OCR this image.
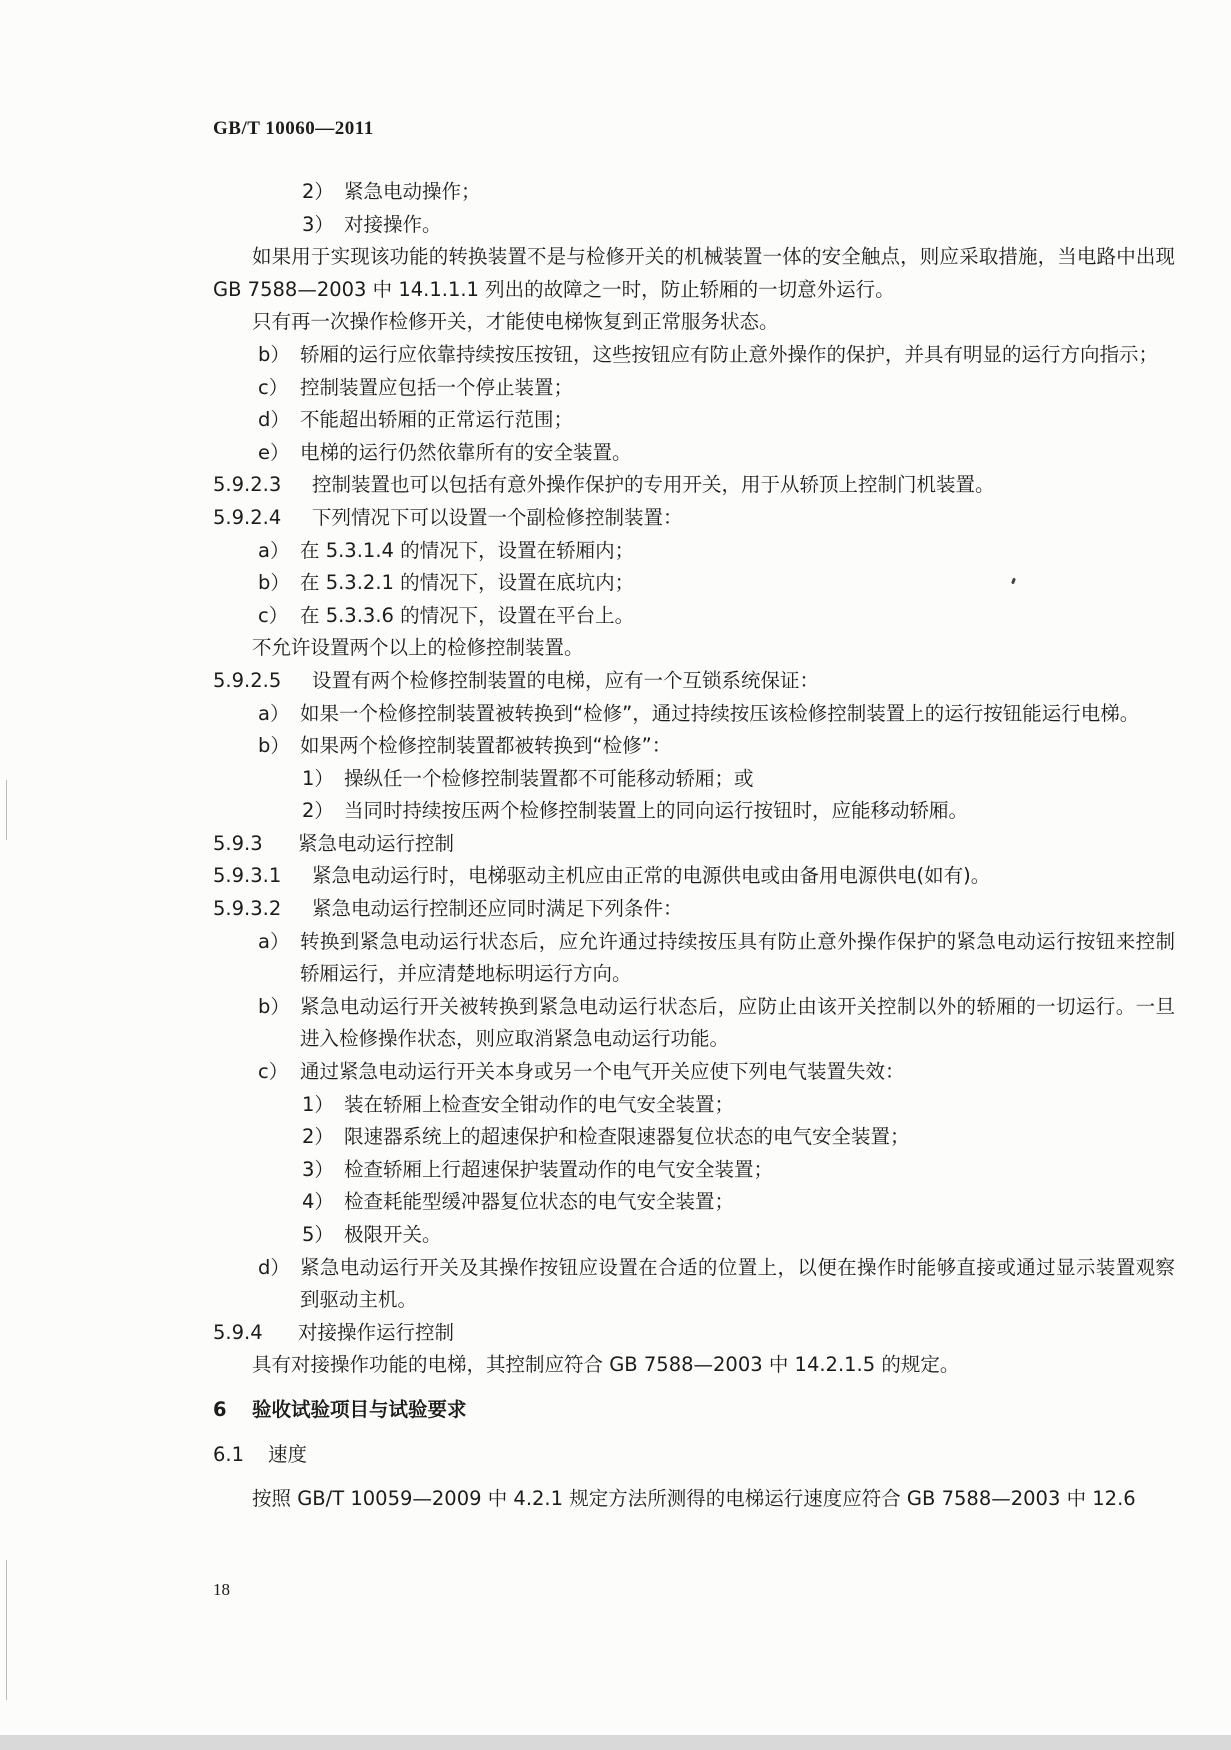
GB/T 10060—2011
2） 紧急电动操作；
3） 对接操作。
如果用于实现该功能的转换装置不是与检修开关的机械装置一体的安全触点，则应采取措施，当电路中出现 GB 7588—2003 中 14.1.1.1 列出的故障之一时，防止轿厢的一切意外运行。
只有再一次操作检修开关，才能使电梯恢复到正常服务状态。
b） 轿厢的运行应依靠持续按压按钮，这些按钮应有防止意外操作的保护，并具有明显的运行方向指示；
c） 控制装置应包括一个停止装置；
d） 不能超出轿厢的正常运行范围；
e） 电梯的运行仍然依靠所有的安全装置。
5.9.2.3	控制装置也可以包括有意外操作保护的专用开关，用于从轿顶上控制门机装置。
5.9.2.4	下列情况下可以设置一个副检修控制装置：
a） 在 5.3.1.4 的情况下，设置在轿厢内；
b） 在 5.3.2.1 的情况下，设置在底坑内；
c） 在 5.3.3.6 的情况下，设置在平台上。
不允许设置两个以上的检修控制装置。
5.9.2.5	设置有两个检修控制装置的电梯，应有一个互锁系统保证：
a） 如果一个检修控制装置被转换到“检修”，通过持续按压该检修控制装置上的运行按钮能运行电梯。
b） 如果两个检修控制装置都被转换到“检修”：
1） 操纵任一个检修控制装置都不可能移动轿厢；或
2） 当同时持续按压两个检修控制装置上的同向运行按钮时，应能移动轿厢。
5.9.3	紧急电动运行控制
5.9.3.1	紧急电动运行时，电梯驱动主机应由正常的电源供电或由备用电源供电(如有)。
5.9.3.2	紧急电动运行控制还应同时满足下列条件：
a） 转换到紧急电动运行状态后，应允许通过持续按压具有防止意外操作保护的紧急电动运行按钮来控制轿厢运行，并应清楚地标明运行方向。
b） 紧急电动运行开关被转换到紧急电动运行状态后，应防止由该开关控制以外的轿厢的一切运行。一旦进入检修操作状态，则应取消紧急电动运行功能。
c） 通过紧急电动运行开关本身或另一个电气开关应使下列电气装置失效：
1） 装在轿厢上检查安全钳动作的电气安全装置；
2） 限速器系统上的超速保护和检查限速器复位状态的电气安全装置；
3） 检查轿厢上行超速保护装置动作的电气安全装置；
4） 检查耗能型缓冲器复位状态的电气安全装置；
5） 极限开关。
d） 紧急电动运行开关及其操作按钮应设置在合适的位置上，以便在操作时能够直接或通过显示装置观察到驱动主机。
5.9.4	对接操作运行控制
具有对接操作功能的电梯，其控制应符合 GB 7588—2003 中 14.2.1.5 的规定。
6	验收试验项目与试验要求
6.1	速度
按照 GB/T 10059—2009 中 4.2.1 规定方法所测得的电梯运行速度应符合 GB 7588—2003 中 12.6
18
